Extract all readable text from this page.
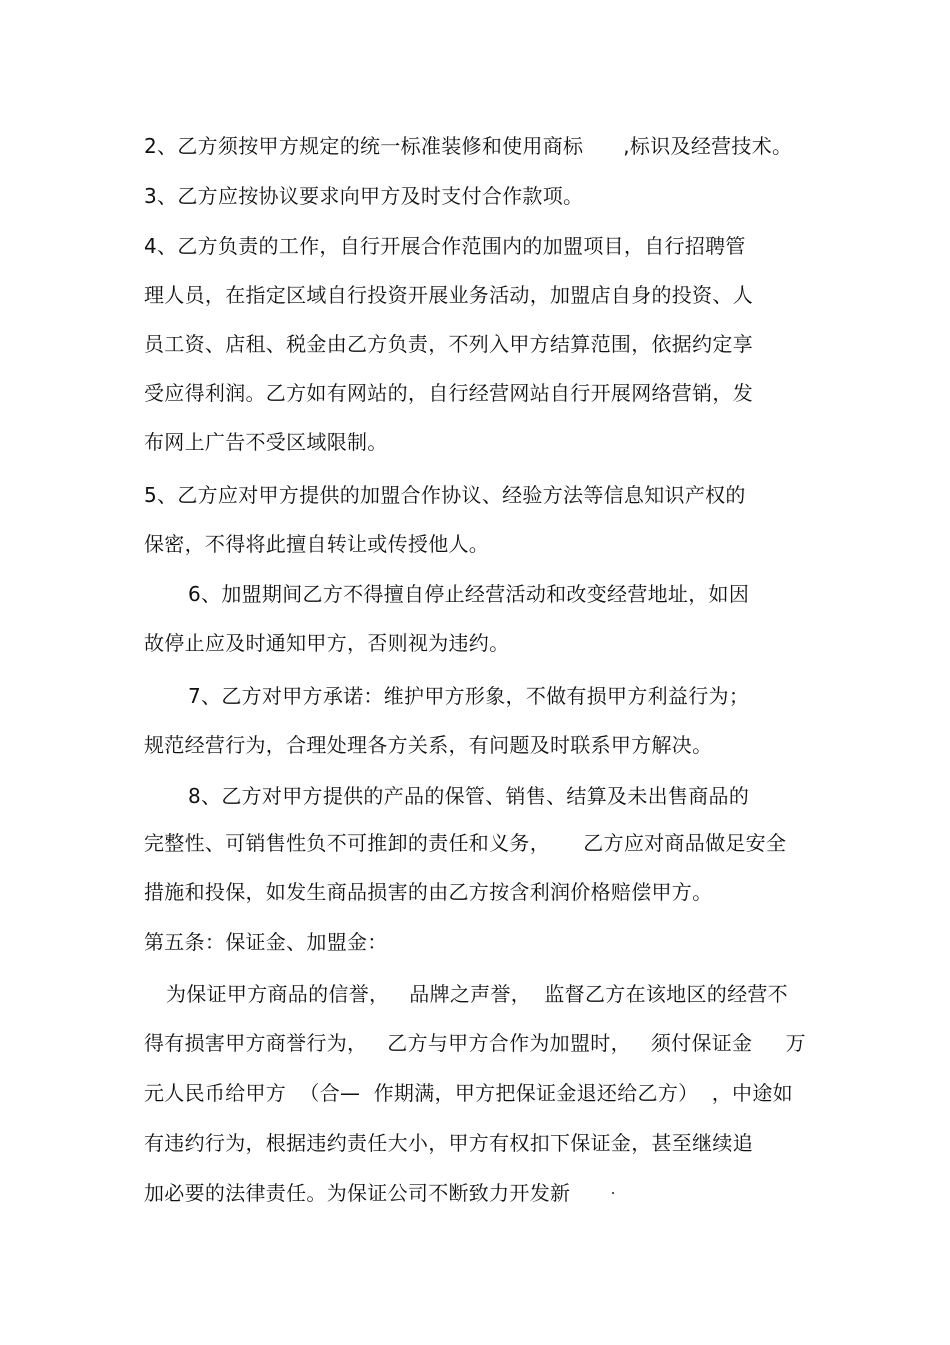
2、乙方须按甲方规定的统一标准装修和使用商标      ,标识及经营技术。
3、乙方应按协议要求向甲方及时支付合作款项。
4、乙方负责的工作，自行开展合作范围内的加盟项目，自行招聘管
理人员，在指定区域自行投资开展业务活动，加盟店自身的投资、人
员工资、店租、税金由乙方负责，不列入甲方结算范围，依据约定享
受应得利润。乙方如有网站的，自行经营网站自行开展网络营销，发
布网上广告不受区域限制。
5、乙方应对甲方提供的加盟合作协议、经验方法等信息知识产权的
保密，不得将此擅自转让或传授他人。
6、加盟期间乙方不得擅自停止经营活动和改变经营地址，如因
故停止应及时通知甲方，否则视为违约。
7、乙方对甲方承诺：维护甲方形象，不做有损甲方利益行为；
规范经营行为，合理处理各方关系，有问题及时联系甲方解决。
8、乙方对甲方提供的产品的保管、销售、结算及未出售商品的
完整性、可销售性负不可推卸的责任和义务，     乙方应对商品做足安全
措施和投保，如发生商品损害的由乙方按含利润价格赔偿甲方。
第五条：保证金、加盟金：
为保证甲方商品的信誉，   品牌之声誉，  监督乙方在该地区的经营不
得有损害甲方商誉行为，   乙方与甲方合作为加盟时，   须付保证金     万
元人民币给甲方  （合—  作期满，甲方把保证金退还给乙方）  ，中途如
有违约行为，根据违约责任大小，甲方有权扣下保证金，甚至继续追
加必要的法律责任。为保证公司不断致力开发新
